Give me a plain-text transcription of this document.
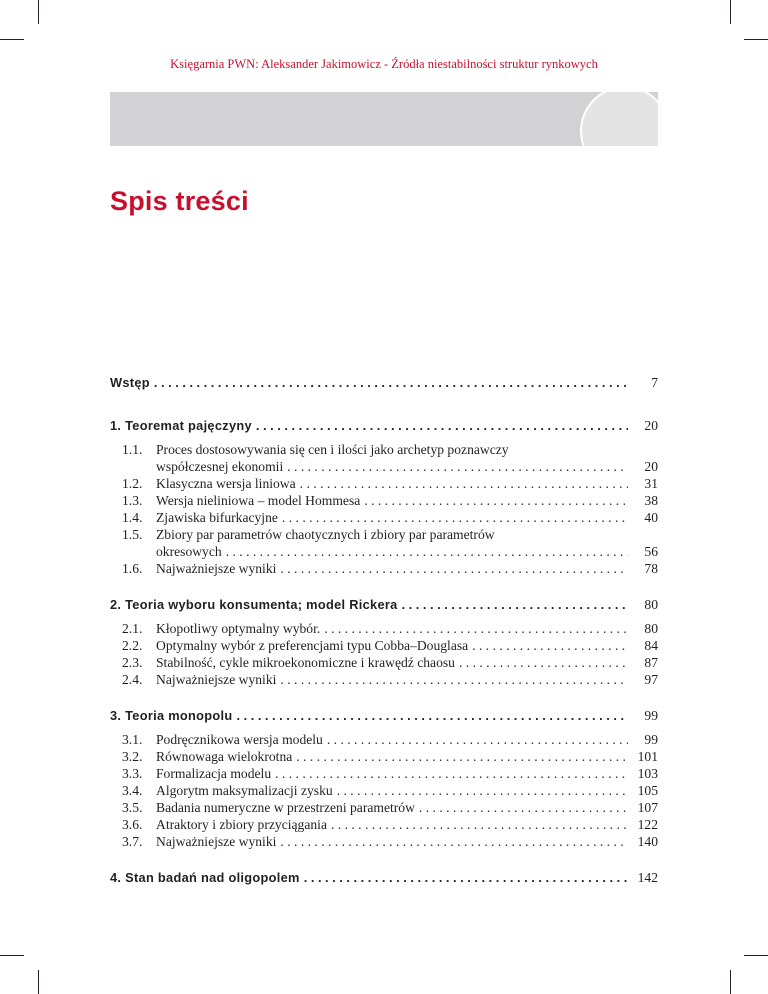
Księgarnia PWN: Aleksander Jakimowicz - Źródła niestabilności struktur rynkowych
Spis treści
Wstęp . . .	7
1. Teoremat pajęczyny . . .	20
1.1. Proces dostosowywania się cen i ilości jako archetyp poznawczy
współczesnej ekonomii . . .	20
1.2. Klasyczna wersja liniowa . . .	31
1.3. Wersja nieliniowa – model Hommesa . . .	38
1.4. Zjawiska bifurkacyjne . . .	40
1.5. Zbiory par parametrów chaotycznych i zbiory par parametrów
okresowych . . .	56
1.6. Najważniejsze wyniki . . .	78
2. Teoria wyboru konsumenta; model Rickera . . .	80
2.1. Kłopotliwy optymalny wybór. . . .	80
2.2. Optymalny wybór z preferencjami typu Cobba–Douglasa . . .	84
2.3. Stabilność, cykle mikroekonomiczne i krawędź chaosu . . .	87
2.4. Najważniejsze wyniki . . .	97
3. Teoria monopolu . . .	99
3.1. Podręcznikowa wersja modelu . . .	99
3.2. Równowaga wielokrotna . . .	101
3.3. Formalizacja modelu . . .	103
3.4. Algorytm maksymalizacji zysku . . .	105
3.5. Badania numeryczne w przestrzeni parametrów . . .	107
3.6. Atraktory i zbiory przyciągania . . .	122
3.7. Najważniejsze wyniki . . .	140
4. Stan badań nad oligopolem . . .	142
